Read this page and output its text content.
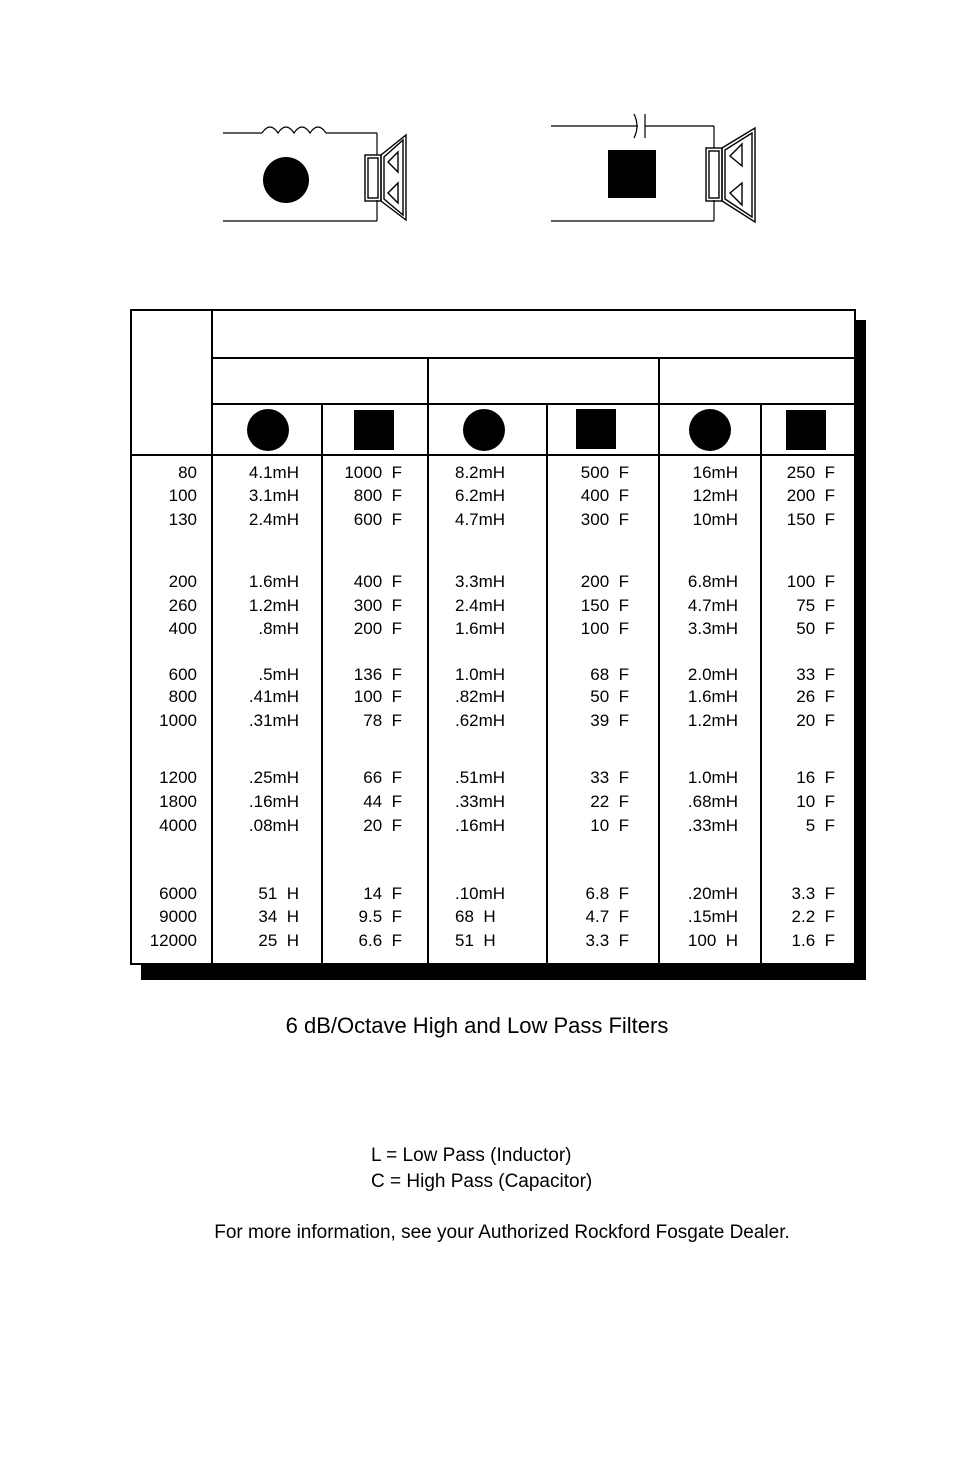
80	4.1mH	1000  F	8.2mH	500  F	16mH	250  F
100	3.1mH	800  F	6.2mH	400  F	12mH	200  F
130	2.4mH	600  F	4.7mH	300  F	10mH	150  F
200	1.6mH	400  F	3.3mH	200  F	6.8mH	100  F
260	1.2mH	300  F	2.4mH	150  F	4.7mH	75  F
400	.8mH	200  F	1.6mH	100  F	3.3mH	50  F
600	.5mH	136  F	1.0mH	68  F	2.0mH	33  F
800	.41mH	100  F	.82mH	50  F	1.6mH	26  F
1000	.31mH	78  F	.62mH	39  F	1.2mH	20  F
1200	.25mH	66  F	.51mH	33  F	1.0mH	16  F
1800	.16mH	44  F	.33mH	22  F	.68mH	10  F
4000	.08mH	20  F	.16mH	10  F	.33mH	5  F
6000	51  H	14  F	.10mH	6.8  F	.20mH	3.3  F
9000	34  H	9.5  F	68  H	4.7  F	.15mH	2.2  F
12000	25  H	6.6  F	51  H	3.3  F	100  H	1.6  F
6 dB/Octave High and Low Pass Filters
L = Low Pass (Inductor)
C = High Pass (Capacitor)
For more information, see your Authorized Rockford Fosgate Dealer.
